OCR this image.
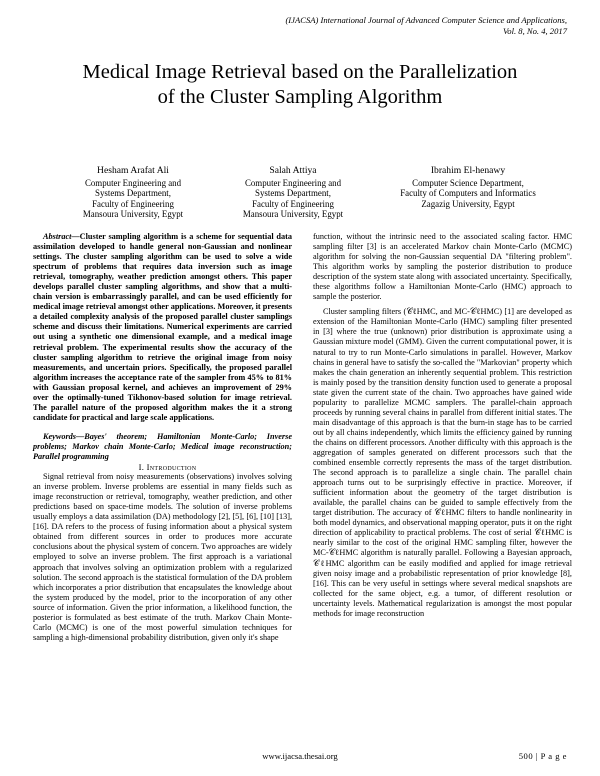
(IJACSA) International Journal of Advanced Computer Science and Applications,
Vol. 8, No. 4, 2017
Medical Image Retrieval based on the Parallelization
of the Cluster Sampling Algorithm
Hesham Arafat Ali
Computer Engineering and
Systems Department,
Faculty of Engineering
Mansoura University, Egypt
Salah Attiya
Computer Engineering and
Systems Department,
Faculty of Engineering
Mansoura University, Egypt
Ibrahim El-henawy
Computer Science Department,
Faculty of Computers and Informatics
Zagazig University, Egypt

Abstract—Cluster sampling algorithm is a scheme for sequential data assimilation developed to handle general non-Gaussian and nonlinear settings. The cluster sampling algorithm can be used to solve a wide spectrum of problems that requires data inversion such as image retrieval, tomography, weather prediction amongst others. This paper develops parallel cluster sampling algorithms, and show that a multi-chain version is embarrassingly parallel, and can be used efficiently for medical image retrieval amongst other applications. Moreover, it presents a detailed complexity analysis of the proposed parallel cluster samplings scheme and discuss their limitations. Numerical experiments are carried out using a synthetic one dimensional example, and a medical image retrieval problem. The experimental results show the accuracy of the cluster sampling algorithm to retrieve the original image from noisy measurements, and uncertain priors. Specifically, the proposed parallel algorithm increases the acceptance rate of the sampler from 45% to 81% with Gaussian proposal kernel, and achieves an improvement of 29% over the optimally-tuned Tikhonov-based solution for image retrieval. The parallel nature of the proposed algorithm makes the it a strong candidate for practical and large scale applications.

Keywords—Bayes' theorem; Hamiltonian Monte-Carlo; Inverse problems; Markov chain Monte-Carlo; Medical image reconstruction; Parallel programming

I. Introduction

Signal retrieval from noisy measurements (observations) involves solving an inverse problem. Inverse problems are essential in many fields such as image reconstruction or retrieval, tomography, weather prediction, and other predictions based on space-time models. The solution of inverse problems usually employs a data assimilation (DA) methodology [2], [5], [6], [10] [13], [16]. DA refers to the process of fusing information about a physical system obtained from different sources in order to produces more accurate conclusions about the physical system of concern. Two approaches are widely employed to solve an inverse problem. The first approach is a variational approach that involves solving an optimization problem with a regularized solution. The second approach is the statistical formulation of the DA problem which incorporates a prior distribution that encapsulates the knowledge about the system produced by the model, prior to the incorporation of any other source of information. Given the prior information, a likelihood function, the posterior is formulated as best estimate of the truth. Markov Chain Monte-Carlo (MCMC) is one of the most powerful simulation techniques for sampling a high-dimensional probability distribution, given only it's shape

function, without the intrinsic need to the associated scaling factor. HMC sampling filter [3] is an accelerated Markov chain Monte-Carlo (MCMC) algorithm for solving the non-Gaussian sequential DA "filtering problem". This algorithm works by sampling the posterior distribution to produce description of the system state along with associated uncertainty. Specifically, these algorithms follow a Hamiltonian Monte-Carlo (HMC) approach to sample the posterior.

Cluster sampling filters (𝒞ℓHMC, and MC-𝒞ℓHMC) [1] are developed as extension of the Hamiltonian Monte-Carlo (HMC) sampling filter presented in [3] where the true (unknown) prior distribution is approximate using a Gaussian mixture model (GMM). Given the current computational power, it is natural to try to run Monte-Carlo simulations in parallel. However, Markov chains in general have to satisfy the so-called the "Markovian" property which makes the chain generation an inherently sequential problem. This restriction is mainly posed by the transition density function used to generate a proposal state given the current state of the chain. Two approaches have gained wide popularity to parallelize MCMC samplers. The parallel-chain approach proceeds by running several chains in parallel from different initial states. The main disadvantage of this approach is that the burn-in stage has to be carried out by all chains independently, which limits the efficiency gained by running the chains on different processors. Another difficulty with this approach is the aggregation of samples generated on different processors such that the combined ensemble correctly represents the mass of the target distribution. The second approach is to parallelize a single chain. The parallel chain approach turns out to be surprisingly effective in practice. Moreover, if sufficient information about the geometry of the target distribution is available, the parallel chains can be guided to sample effectively from the target distribution. The accuracy of 𝒞ℓHMC filters to handle nonlinearity in both model dynamics, and observational mapping operator, puts it on the right direction of applicability to practical problems. The cost of serial 𝒞ℓHMC is nearly similar to the cost of the original HMC sampling filter, however the MC-𝒞ℓHMC algorithm is naturally parallel. Following a Bayesian approach, 𝒞ℓHMC algorithm can be easily modified and applied for image retrieval given noisy image and a probabilistic representation of prior knowledge [8], [16]. This can be very useful in settings where several medical snapshots are collected for the same object, e.g. a tumor, of different resolution or uncertainty levels. Mathematical regularization is amongst the most popular methods for image reconstruction

www.ijacsa.thesai.org	500 | P a g e
